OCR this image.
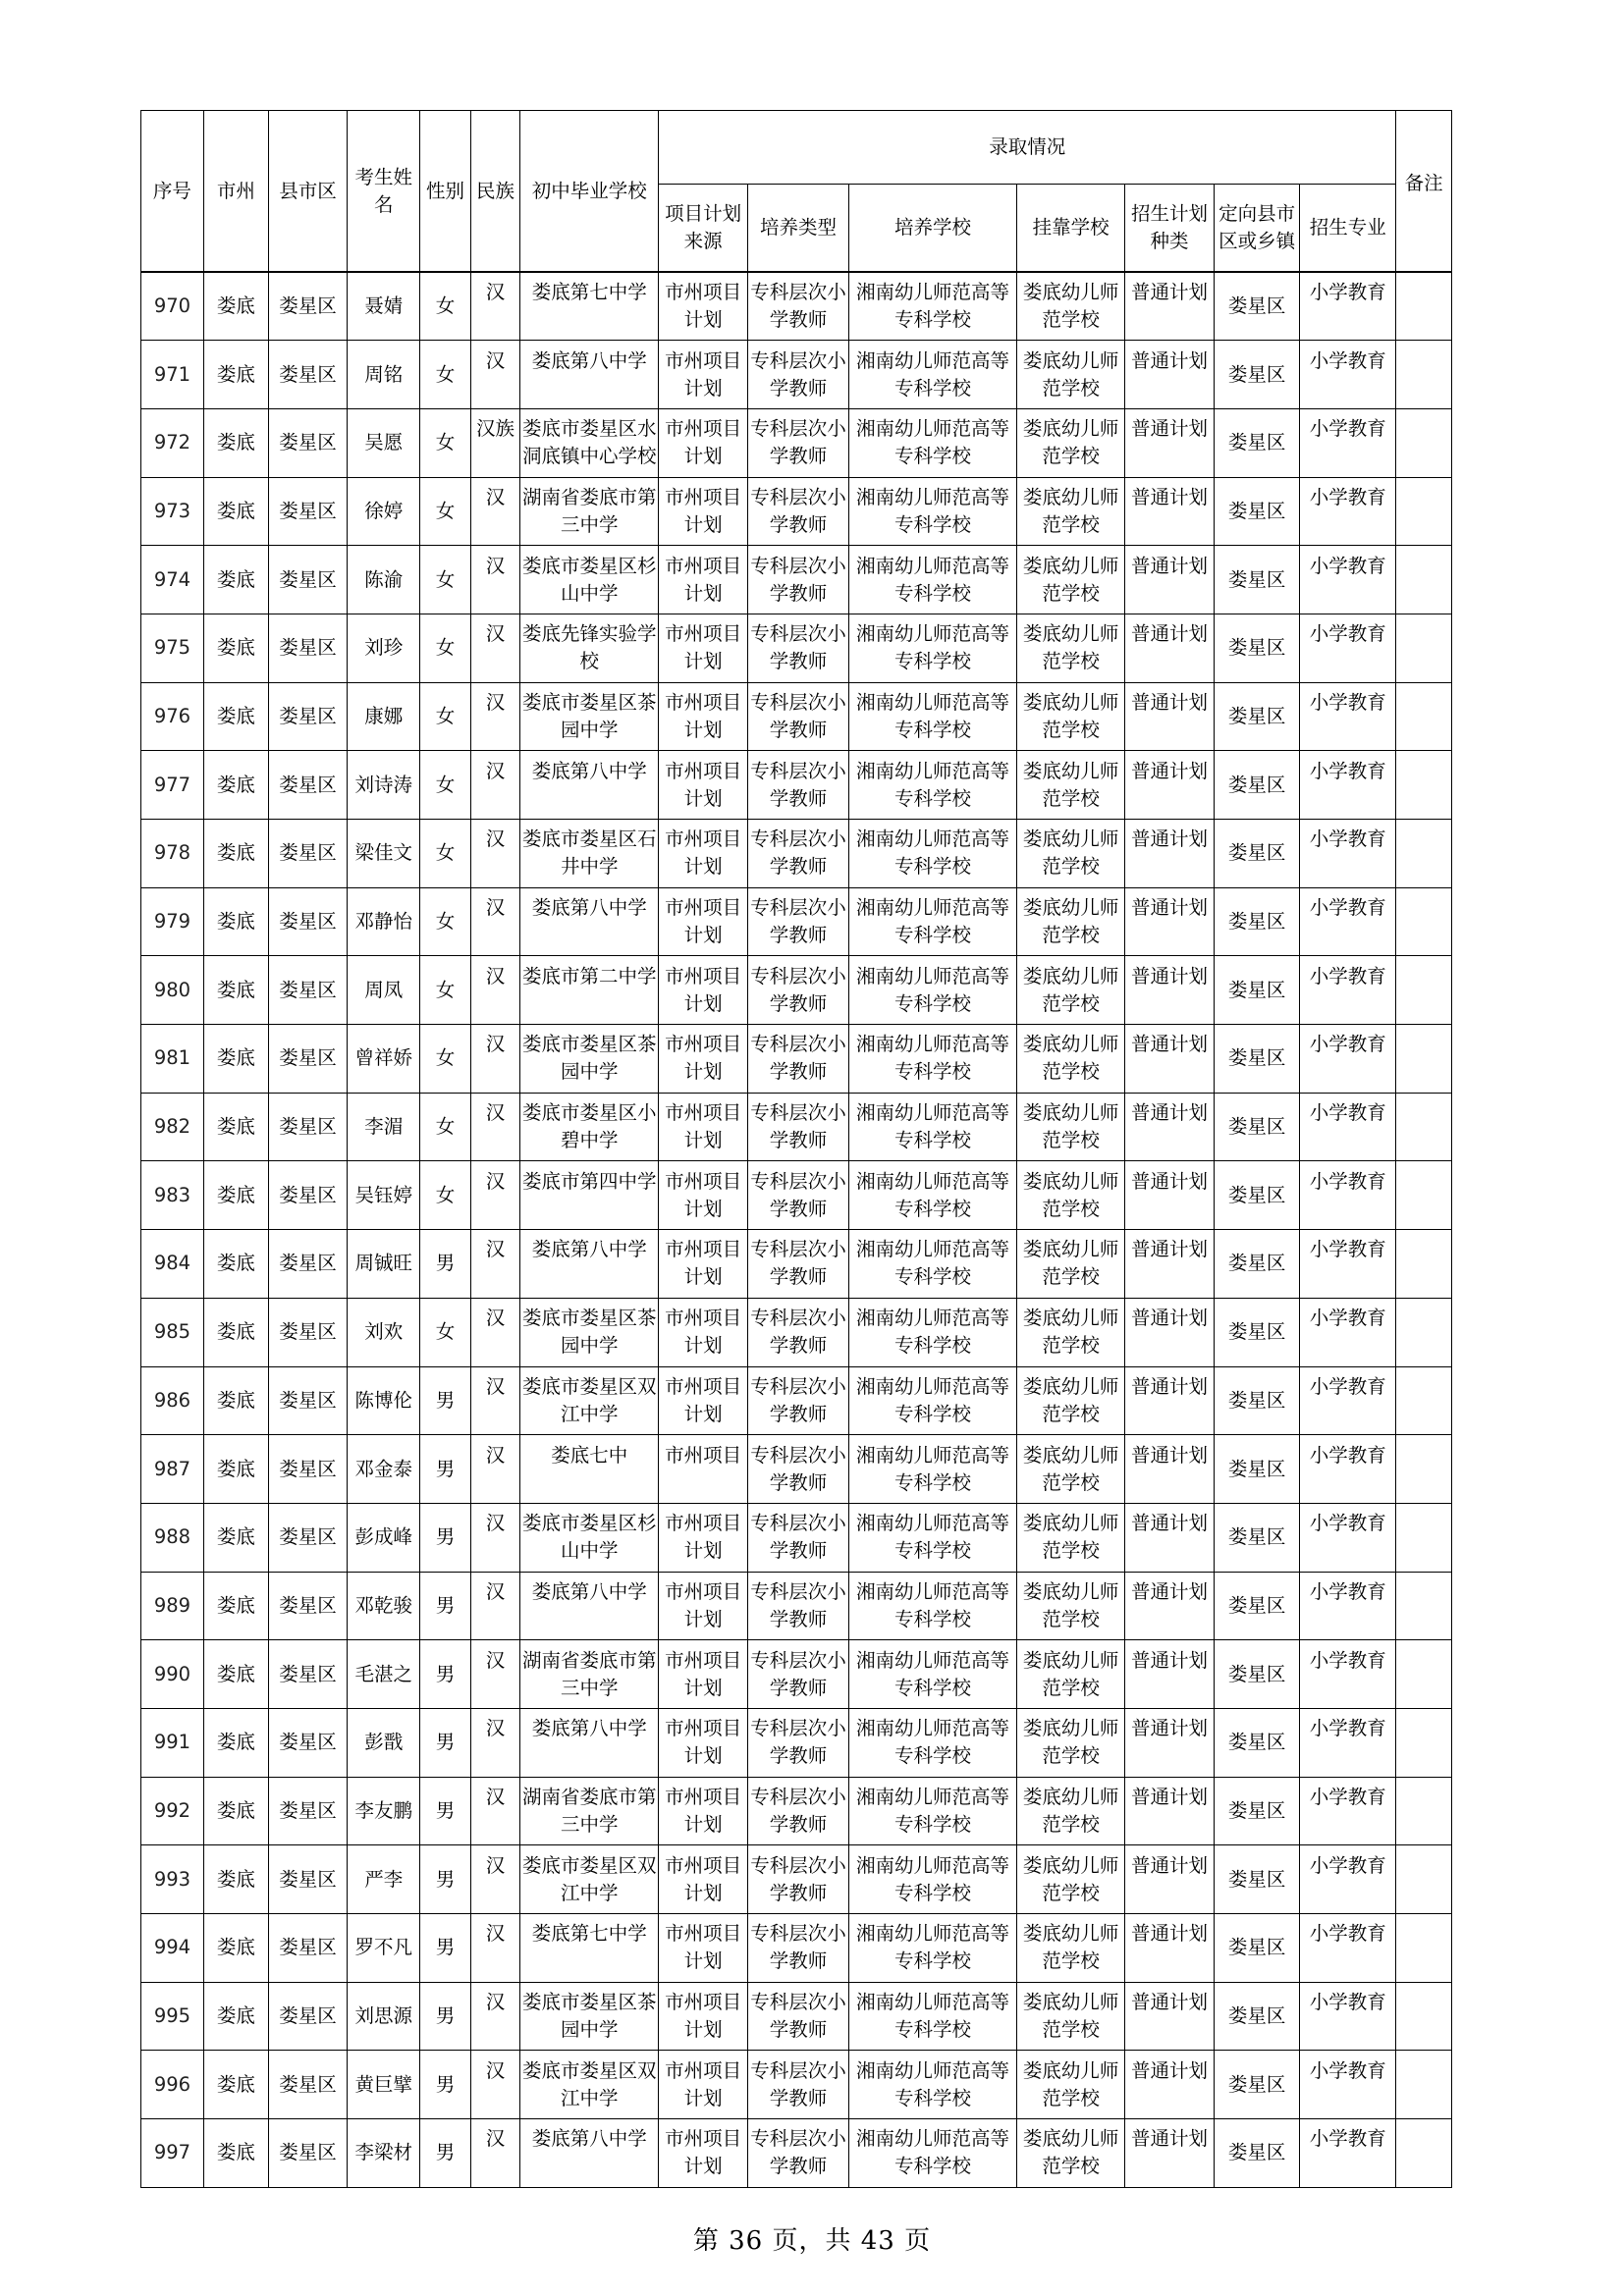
序号	市州	县市区	考生姓名	性别	民族	初中毕业学校	录取情况							备注
							项目计划来源	培养类型	培养学校	挂靠学校	招生计划种类	定向县市区或乡镇	招生专业	
970	娄底	娄星区	聂婧	女	汉	娄底第七中学	市州项目计划	专科层次小学教师	湘南幼儿师范高等专科学校	娄底幼儿师范学校	普通计划	娄星区	小学教育	

971	娄底	娄星区	周铭	女	汉	娄底第八中学	市州项目计划	专科层次小学教师	湘南幼儿师范高等专科学校	娄底幼儿师范学校	普通计划	娄星区	小学教育	

972	娄底	娄星区	吴愿	女	汉族	娄底市娄星区水洞底镇中心学校	市州项目计划	专科层次小学教师	湘南幼儿师范高等专科学校	娄底幼儿师范学校	普通计划	娄星区	小学教育	

973	娄底	娄星区	徐婷	女	汉	湖南省娄底市第三中学	市州项目计划	专科层次小学教师	湘南幼儿师范高等专科学校	娄底幼儿师范学校	普通计划	娄星区	小学教育	

974	娄底	娄星区	陈渝	女	汉	娄底市娄星区杉山中学	市州项目计划	专科层次小学教师	湘南幼儿师范高等专科学校	娄底幼儿师范学校	普通计划	娄星区	小学教育	

975	娄底	娄星区	刘珍	女	汉	娄底先锋实验学校	市州项目计划	专科层次小学教师	湘南幼儿师范高等专科学校	娄底幼儿师范学校	普通计划	娄星区	小学教育	

976	娄底	娄星区	康娜	女	汉	娄底市娄星区茶园中学	市州项目计划	专科层次小学教师	湘南幼儿师范高等专科学校	娄底幼儿师范学校	普通计划	娄星区	小学教育	

977	娄底	娄星区	刘诗涛	女	汉	娄底第八中学	市州项目计划	专科层次小学教师	湘南幼儿师范高等专科学校	娄底幼儿师范学校	普通计划	娄星区	小学教育	

978	娄底	娄星区	梁佳文	女	汉	娄底市娄星区石井中学	市州项目计划	专科层次小学教师	湘南幼儿师范高等专科学校	娄底幼儿师范学校	普通计划	娄星区	小学教育	

979	娄底	娄星区	邓静怡	女	汉	娄底第八中学	市州项目计划	专科层次小学教师	湘南幼儿师范高等专科学校	娄底幼儿师范学校	普通计划	娄星区	小学教育	

980	娄底	娄星区	周凤	女	汉	娄底市第二中学	市州项目计划	专科层次小学教师	湘南幼儿师范高等专科学校	娄底幼儿师范学校	普通计划	娄星区	小学教育	

981	娄底	娄星区	曾祥娇	女	汉	娄底市娄星区茶园中学	市州项目计划	专科层次小学教师	湘南幼儿师范高等专科学校	娄底幼儿师范学校	普通计划	娄星区	小学教育	

982	娄底	娄星区	李湄	女	汉	娄底市娄星区小碧中学	市州项目计划	专科层次小学教师	湘南幼儿师范高等专科学校	娄底幼儿师范学校	普通计划	娄星区	小学教育	

983	娄底	娄星区	吴钰婷	女	汉	娄底市第四中学	市州项目计划	专科层次小学教师	湘南幼儿师范高等专科学校	娄底幼儿师范学校	普通计划	娄星区	小学教育	

984	娄底	娄星区	周铖旺	男	汉	娄底第八中学	市州项目计划	专科层次小学教师	湘南幼儿师范高等专科学校	娄底幼儿师范学校	普通计划	娄星区	小学教育	

985	娄底	娄星区	刘欢	女	汉	娄底市娄星区茶园中学	市州项目计划	专科层次小学教师	湘南幼儿师范高等专科学校	娄底幼儿师范学校	普通计划	娄星区	小学教育	

986	娄底	娄星区	陈博伦	男	汉	娄底市娄星区双江中学	市州项目计划	专科层次小学教师	湘南幼儿师范高等专科学校	娄底幼儿师范学校	普通计划	娄星区	小学教育	

987	娄底	娄星区	邓金泰	男	汉	娄底七中	市州项目	专科层次小学教师	湘南幼儿师范高等专科学校	娄底幼儿师范学校	普通计划	娄星区	小学教育	

988	娄底	娄星区	彭成峰	男	汉	娄底市娄星区杉山中学	市州项目计划	专科层次小学教师	湘南幼儿师范高等专科学校	娄底幼儿师范学校	普通计划	娄星区	小学教育	

989	娄底	娄星区	邓乾骏	男	汉	娄底第八中学	市州项目计划	专科层次小学教师	湘南幼儿师范高等专科学校	娄底幼儿师范学校	普通计划	娄星区	小学教育	

990	娄底	娄星区	毛湛之	男	汉	湖南省娄底市第三中学	市州项目计划	专科层次小学教师	湘南幼儿师范高等专科学校	娄底幼儿师范学校	普通计划	娄星区	小学教育	

991	娄底	娄星区	彭戬	男	汉	娄底第八中学	市州项目计划	专科层次小学教师	湘南幼儿师范高等专科学校	娄底幼儿师范学校	普通计划	娄星区	小学教育	

992	娄底	娄星区	李友鹏	男	汉	湖南省娄底市第三中学	市州项目计划	专科层次小学教师	湘南幼儿师范高等专科学校	娄底幼儿师范学校	普通计划	娄星区	小学教育	

993	娄底	娄星区	严李	男	汉	娄底市娄星区双江中学	市州项目计划	专科层次小学教师	湘南幼儿师范高等专科学校	娄底幼儿师范学校	普通计划	娄星区	小学教育	

994	娄底	娄星区	罗不凡	男	汉	娄底第七中学	市州项目计划	专科层次小学教师	湘南幼儿师范高等专科学校	娄底幼儿师范学校	普通计划	娄星区	小学教育	

995	娄底	娄星区	刘思源	男	汉	娄底市娄星区茶园中学	市州项目计划	专科层次小学教师	湘南幼儿师范高等专科学校	娄底幼儿师范学校	普通计划	娄星区	小学教育	

996	娄底	娄星区	黄巨擘	男	汉	娄底市娄星区双江中学	市州项目计划	专科层次小学教师	湘南幼儿师范高等专科学校	娄底幼儿师范学校	普通计划	娄星区	小学教育	

997	娄底	娄星区	李梁材	男	汉	娄底第八中学	市州项目计划	专科层次小学教师	湘南幼儿师范高等专科学校	娄底幼儿师范学校	普通计划	娄星区	小学教育	

第 36 页，共 43 页
